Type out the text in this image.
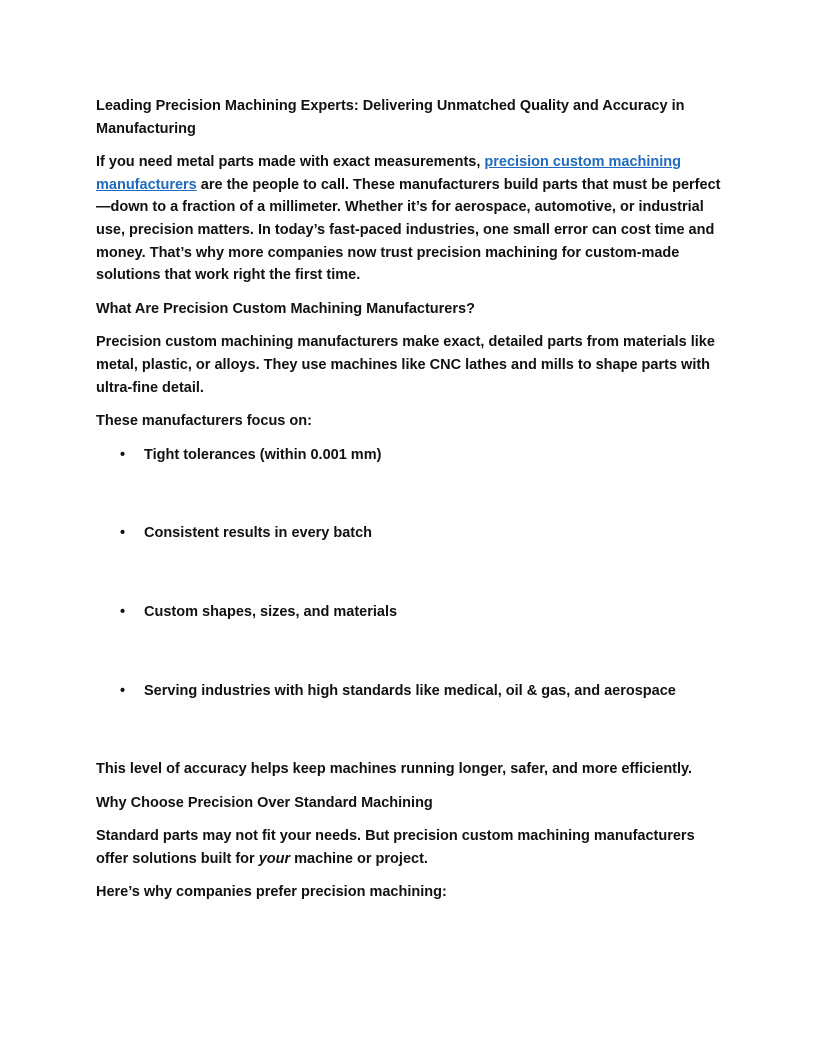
Leading Precision Machining Experts: Delivering Unmatched Quality and Accuracy in Manufacturing

If you need metal parts made with exact measurements, precision custom machining manufacturers are the people to call. These manufacturers build parts that must be perfect—down to a fraction of a millimeter. Whether it’s for aerospace, automotive, or industrial use, precision matters. In today’s fast-paced industries, one small error can cost time and money. That’s why more companies now trust precision machining for custom-made solutions that work right the first time.

What Are Precision Custom Machining Manufacturers?

Precision custom machining manufacturers make exact, detailed parts from materials like metal, plastic, or alloys. They use machines like CNC lathes and mills to shape parts with ultra-fine detail.

These manufacturers focus on:

• Tight tolerances (within 0.001 mm)
• Consistent results in every batch
• Custom shapes, sizes, and materials
• Serving industries with high standards like medical, oil & gas, and aerospace

This level of accuracy helps keep machines running longer, safer, and more efficiently.

Why Choose Precision Over Standard Machining

Standard parts may not fit your needs. But precision custom machining manufacturers offer solutions built for your machine or project.

Here’s why companies prefer precision machining:
